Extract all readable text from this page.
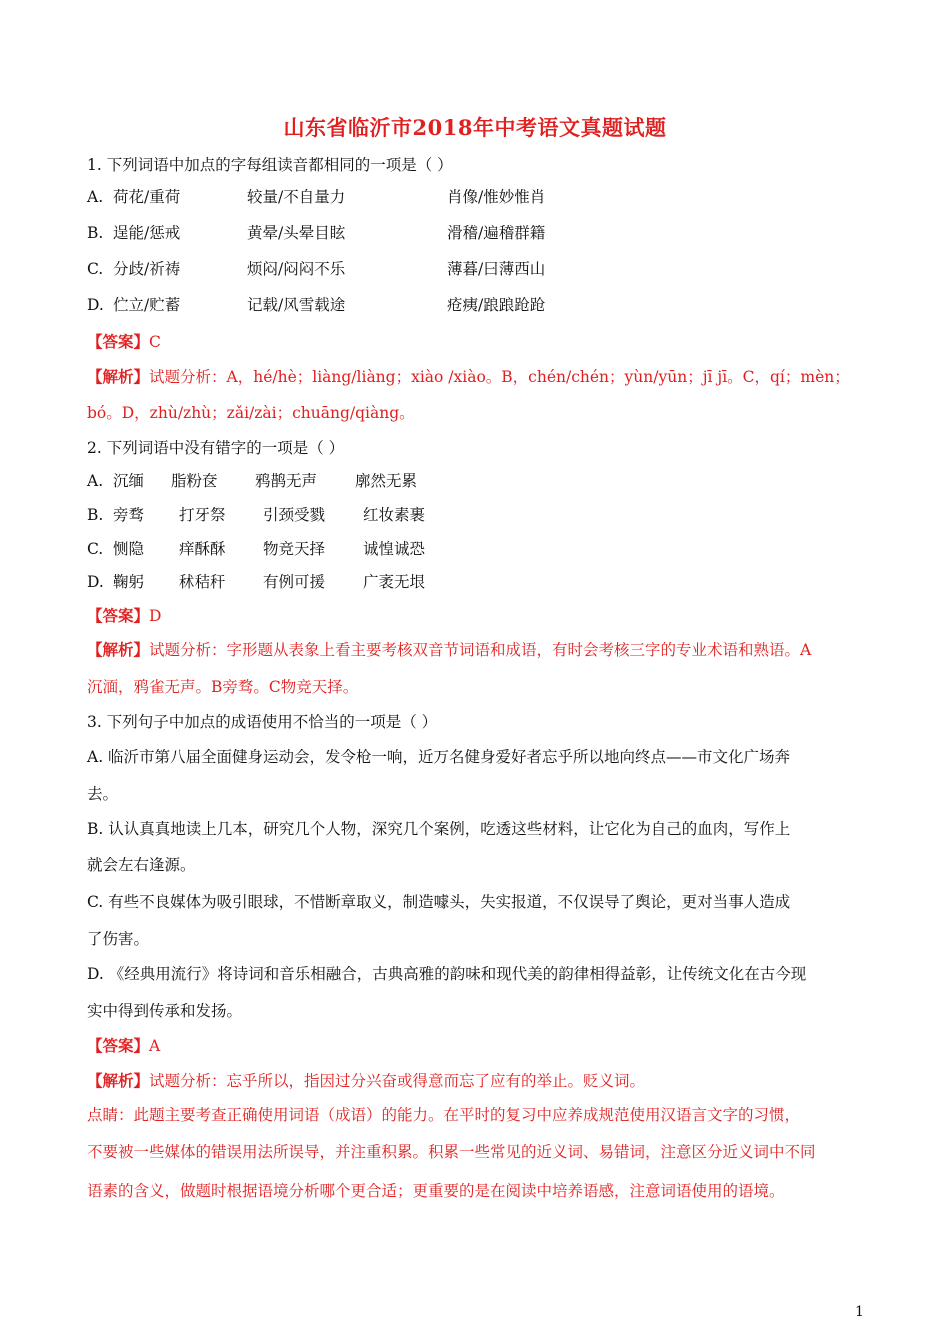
山东省临沂市2018年中考语文真题试题
1. 下列词语中加点的字每组读音都相同的一项是（ ）
A. 荷花/重荷	较量/不自量力	肖像/惟妙惟肖
B. 逞能/惩戒	黄晕/头晕目眩	滑稽/遍稽群籍
C. 分歧/祈祷	烦闷/闷闷不乐	薄暮/曰薄西山
D. 伫立/贮蓄	记载/风雪载途	疮痍/踉踉跄跄
【答案】C
【解析】试题分析：A，hé/hè；liàng/liàng；xiào /xiào。B，chén/chén；yùn/yūn；jī jī。C，qí；mèn；
bó。D，zhù/zhù；zǎi/zài；chuāng/qiàng。
2. 下列词语中没有错字的一项是（ ）
A. 沉缅 脂粉奁 鸦鹊无声 廓然无累
B. 旁骛 打牙祭 引颈受戮 红妆素裹
C. 恻隐 痒酥酥 物竞天择 诚惶诚恐
D. 鞠躬 秫秸秆 有例可援 广袤无垠
【答案】D
【解析】试题分析：字形题从表象上看主要考核双音节词语和成语，有时会考核三字的专业术语和熟语。A
沉湎，鸦雀无声。B旁骛。C物竞天择。
3. 下列句子中加点的成语使用不恰当的一项是（ ）
A. 临沂市第八届全面健身运动会，发令枪一响，近万名健身爱好者忘乎所以地向终点——市文化广场奔
去。
B. 认认真真地读上几本，研究几个人物，深究几个案例，吃透这些材料，让它化为自己的血肉，写作上
就会左右逢源。
C. 有些不良媒体为吸引眼球，不惜断章取义，制造噱头，失实报道，不仅误导了舆论，更对当事人造成
了伤害。
D. 《经典用流行》将诗词和音乐相融合，古典高雅的韵味和现代美的韵律相得益彰，让传统文化在古今现
实中得到传承和发扬。
【答案】A
【解析】试题分析：忘乎所以，指因过分兴奋或得意而忘了应有的举止。贬义词。
点睛：此题主要考查正确使用词语（成语）的能力。在平时的复习中应养成规范使用汉语言文字的习惯，
不要被一些媒体的错误用法所误导，并注重积累。积累一些常见的近义词、易错词，注意区分近义词中不同
语素的含义，做题时根据语境分析哪个更合适；更重要的是在阅读中培养语感，注意词语使用的语境。
1
